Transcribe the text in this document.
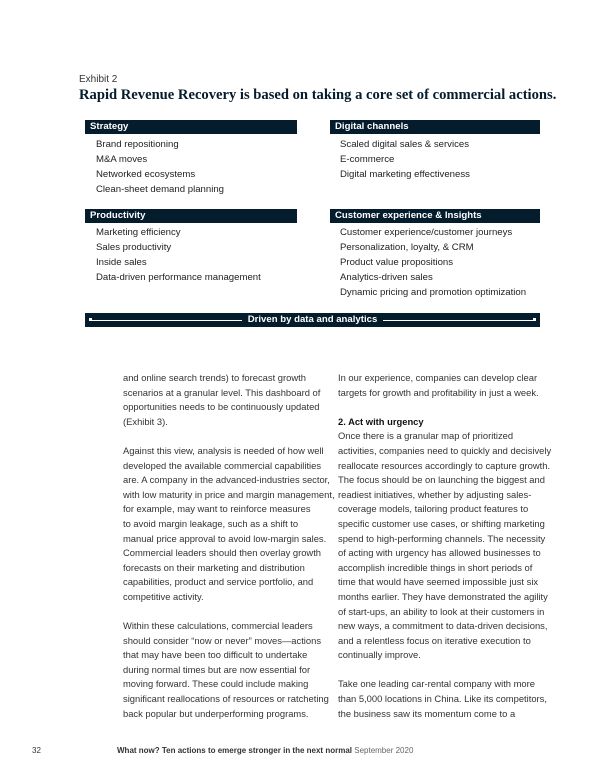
Exhibit 2
Rapid Revenue Recovery is based on taking a core set of commercial actions.
Strategy
Brand repositioning
M&A moves
Networked ecosystems
Clean-sheet demand planning
Digital channels
Scaled digital sales & services
E-commerce
Digital marketing effectiveness
Productivity
Marketing efficiency
Sales productivity
Inside sales
Data-driven performance management
Customer experience & Insights
Customer experience/customer journeys
Personalization, loyalty, & CRM
Product value propositions
Analytics-driven sales
Dynamic pricing and promotion optimization
Driven by data and analytics

and online search trends) to forecast growth
scenarios at a granular level. This dashboard of
opportunities needs to be continuously updated
(Exhibit 3).

Against this view, analysis is needed of how well
developed the available commercial capabilities
are. A company in the advanced-industries sector,
with low maturity in price and margin management,
for example, may want to reinforce measures
to avoid margin leakage, such as a shift to
manual price approval to avoid low-margin sales.
Commercial leaders should then overlay growth
forecasts on their marketing and distribution
capabilities, product and service portfolio, and
competitive activity.

Within these calculations, commercial leaders
should consider “now or never” moves—actions
that may have been too difficult to undertake
during normal times but are now essential for
moving forward. These could include making
significant reallocations of resources or ratcheting
back popular but underperforming programs.

In our experience, companies can develop clear
targets for growth and profitability in just a week.

2. Act with urgency
Once there is a granular map of prioritized
activities, companies need to quickly and decisively
reallocate resources accordingly to capture growth.
The focus should be on launching the biggest and
readiest initiatives, whether by adjusting sales-
coverage models, tailoring product features to
specific customer use cases, or shifting marketing
spend to high-performing channels. The necessity
of acting with urgency has allowed businesses to
accomplish incredible things in short periods of
time that would have seemed impossible just six
months earlier. They have demonstrated the agility
of start-ups, an ability to look at their customers in
new ways, a commitment to data-driven decisions,
and a relentless focus on iterative execution to
continually improve.

Take one leading car-rental company with more
than 5,000 locations in China. Like its competitors,
the business saw its momentum come to a

32	What now? Ten actions to emerge stronger in the next normal September 2020
